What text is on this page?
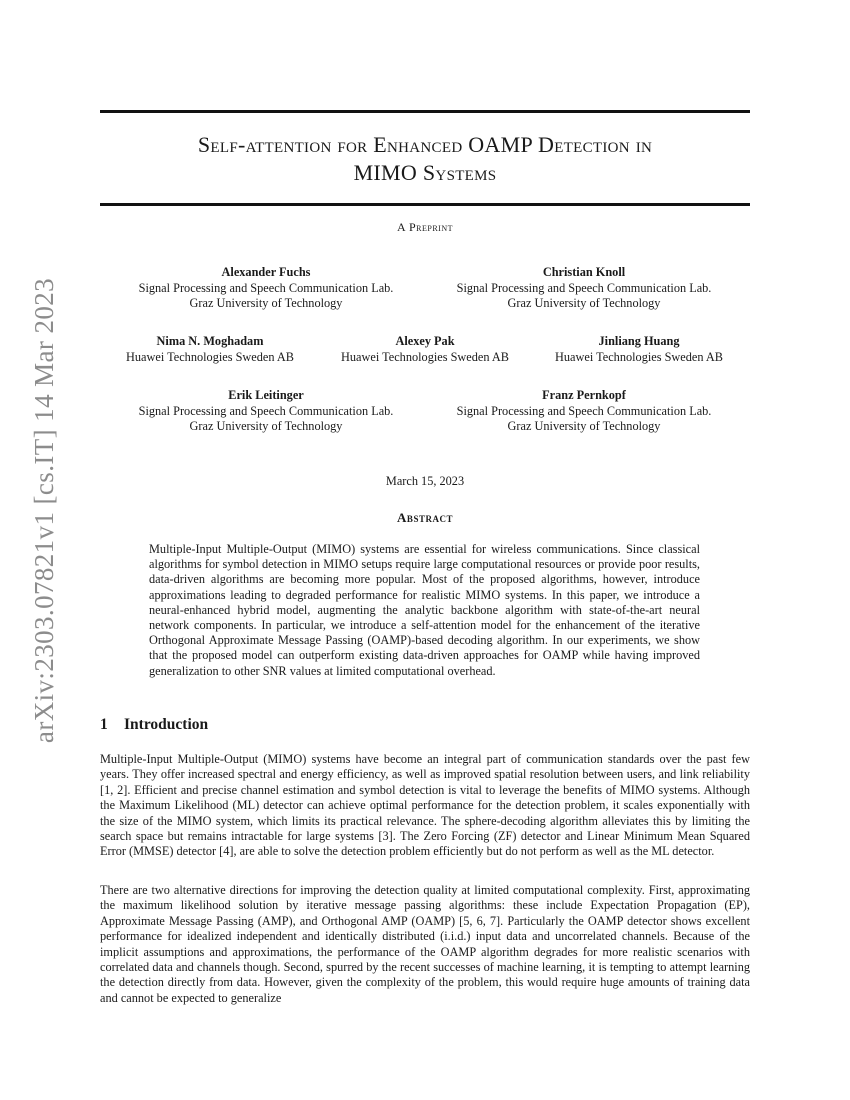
arXiv:2303.07821v1 [cs.IT] 14 Mar 2023
Self-attention for Enhanced OAMP Detection in
MIMO Systems
A Preprint
Alexander Fuchs
Signal Processing and Speech Communication Lab.
Graz University of Technology
Christian Knoll
Signal Processing and Speech Communication Lab.
Graz University of Technology
Nima N. Moghadam
Huawei Technologies Sweden AB
Alexey Pak
Huawei Technologies Sweden AB
Jinliang Huang
Huawei Technologies Sweden AB
Erik Leitinger
Signal Processing and Speech Communication Lab.
Graz University of Technology
Franz Pernkopf
Signal Processing and Speech Communication Lab.
Graz University of Technology
March 15, 2023
Abstract

Multiple-Input Multiple-Output (MIMO) systems are essential for wireless communications. Since classical algorithms for symbol detection in MIMO setups require large computational resources or provide poor results, data-driven algorithms are becoming more popular. Most of the proposed algorithms, however, introduce approximations leading to degraded performance for realistic MIMO systems. In this paper, we introduce a neural-enhanced hybrid model, augmenting the analytic backbone algorithm with state-of-the-art neural network components. In particular, we introduce a self-attention model for the enhancement of the iterative Orthogonal Approximate Message Passing (OAMP)-based decoding algorithm. In our experiments, we show that the proposed model can outperform existing data-driven approaches for OAMP while having improved generalization to other SNR values at limited computational overhead.

1 Introduction

Multiple-Input Multiple-Output (MIMO) systems have become an integral part of communication standards over the past few years. They offer increased spectral and energy efficiency, as well as improved spatial resolution between users, and link reliability [1, 2]. Efficient and precise channel estimation and symbol detection is vital to leverage the benefits of MIMO systems. Although the Maximum Likelihood (ML) detector can achieve optimal performance for the detection problem, it scales exponentially with the size of the MIMO system, which limits its practical relevance. The sphere-decoding algorithm alleviates this by limiting the search space but remains intractable for large systems [3]. The Zero Forcing (ZF) detector and Linear Minimum Mean Squared Error (MMSE) detector [4], are able to solve the detection problem efficiently but do not perform as well as the ML detector.

There are two alternative directions for improving the detection quality at limited computational complexity. First, approximating the maximum likelihood solution by iterative message passing algorithms: these include Expectation Propagation (EP), Approximate Message Passing (AMP), and Orthogonal AMP (OAMP) [5, 6, 7]. Particularly the OAMP detector shows excellent performance for idealized independent and identically distributed (i.i.d.) input data and uncorrelated channels. Because of the implicit assumptions and approximations, the performance of the OAMP algorithm degrades for more realistic scenarios with correlated data and channels though. Second, spurred by the recent successes of machine learning, it is tempting to attempt learning the detection directly from data. However, given the complexity of the problem, this would require huge amounts of training data and cannot be expected to generalize
